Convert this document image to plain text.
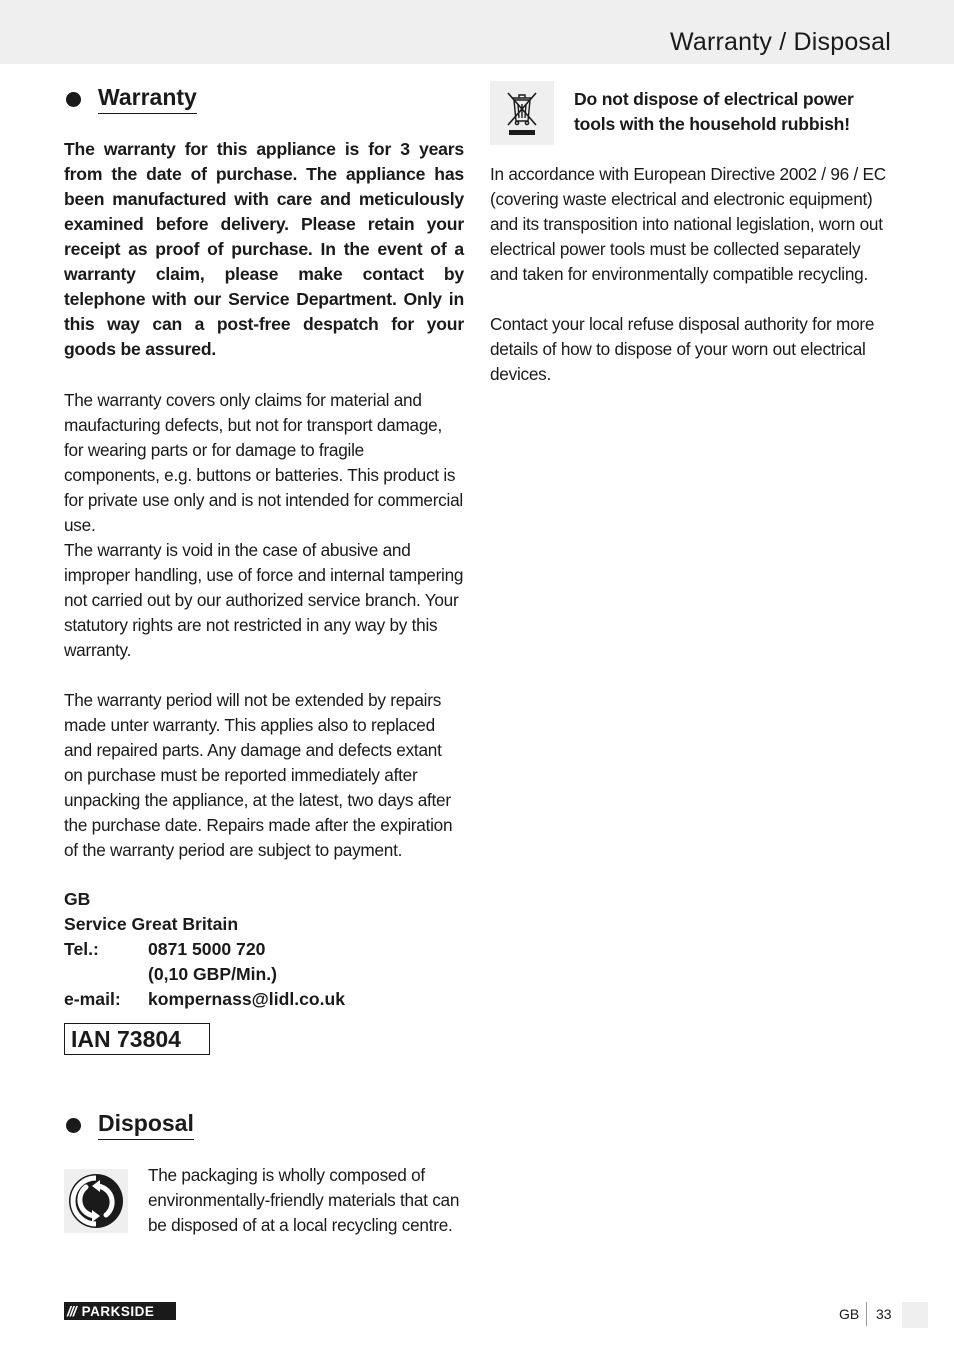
Warranty / Disposal
Warranty

The warranty for this appliance is for 3 years from the date of purchase. The appliance has been manufactured with care and meticulously examined before delivery. Please retain your receipt as proof of purchase. In the event of a warranty claim, please make contact by telephone with our Service Department. Only in this way can a post-free despatch for your goods be assured.

The warranty covers only claims for material and maufacturing defects, but not for transport damage, for wearing parts or for damage to fragile components, e.g. buttons or batteries. This product is for private use only and is not intended for commercial use.

The warranty is void in the case of abusive and improper handling, use of force and internal tampering not carried out by our authorized service branch. Your statutory rights are not restricted in any way by this warranty.

The warranty period will not be extended by repairs made unter warranty. This applies also to replaced and repaired parts. Any damage and defects extant on purchase must be reported immediately after unpacking the appliance, at the latest, two days after the purchase date. Repairs made after the expiration of the warranty period are subject to payment.

GB
Service Great Britain
Tel.:	0871 5000 720
(0,10 GBP/Min.)
e-mail:	kompernass@lidl.co.uk
IAN 73804
Disposal

The packaging is wholly composed of environmentally-friendly materials that can be disposed of at a local recycling centre.

Do not dispose of electrical power tools with the household rubbish!

In accordance with European Directive 2002 / 96 / EC (covering waste electrical and electronic equipment) and its transposition into national legislation, worn out electrical power tools must be collected separately and taken for environmentally compatible recycling.

Contact your local refuse disposal authority for more details of how to dispose of your worn out electrical devices.

/// PARKSIDE	GB 33
